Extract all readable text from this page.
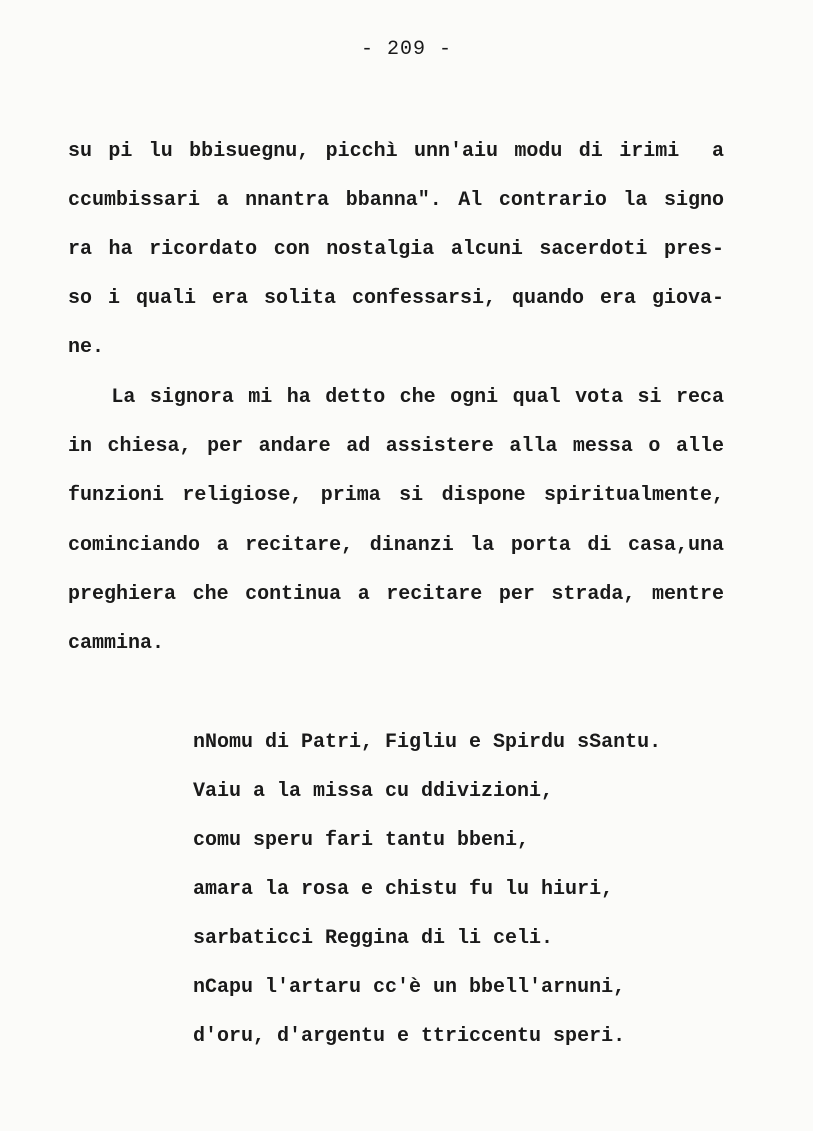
- 209 -
su pi lu bbisuegnu, picchì unn'aiu modu di irimi  a
ccumbissari a nnantra bbanna". Al contrario la signo
ra ha ricordato con nostalgia alcuni sacerdoti pres-
so i quali era solita confessarsi, quando era giova-
ne.
La signora mi ha detto che ogni qual vota si reca
in chiesa, per andare ad assistere alla messa o alle
funzioni religiose, prima si dispone spiritualmente,
cominciando a recitare, dinanzi la porta di casa,una
preghiera che continua a recitare per strada, mentre
cammina.
nNomu di Patri, Figliu e Spirdu sSantu.
Vaiu a la missa cu ddivizioni,
comu speru fari tantu bbeni,
amara la rosa e chistu fu lu hiuri,
sarbaticci Reggina di li celi.
nCapu l'artaru cc'è un bbell'arnuni,
d'oru, d'argentu e ttriccentu speri.
